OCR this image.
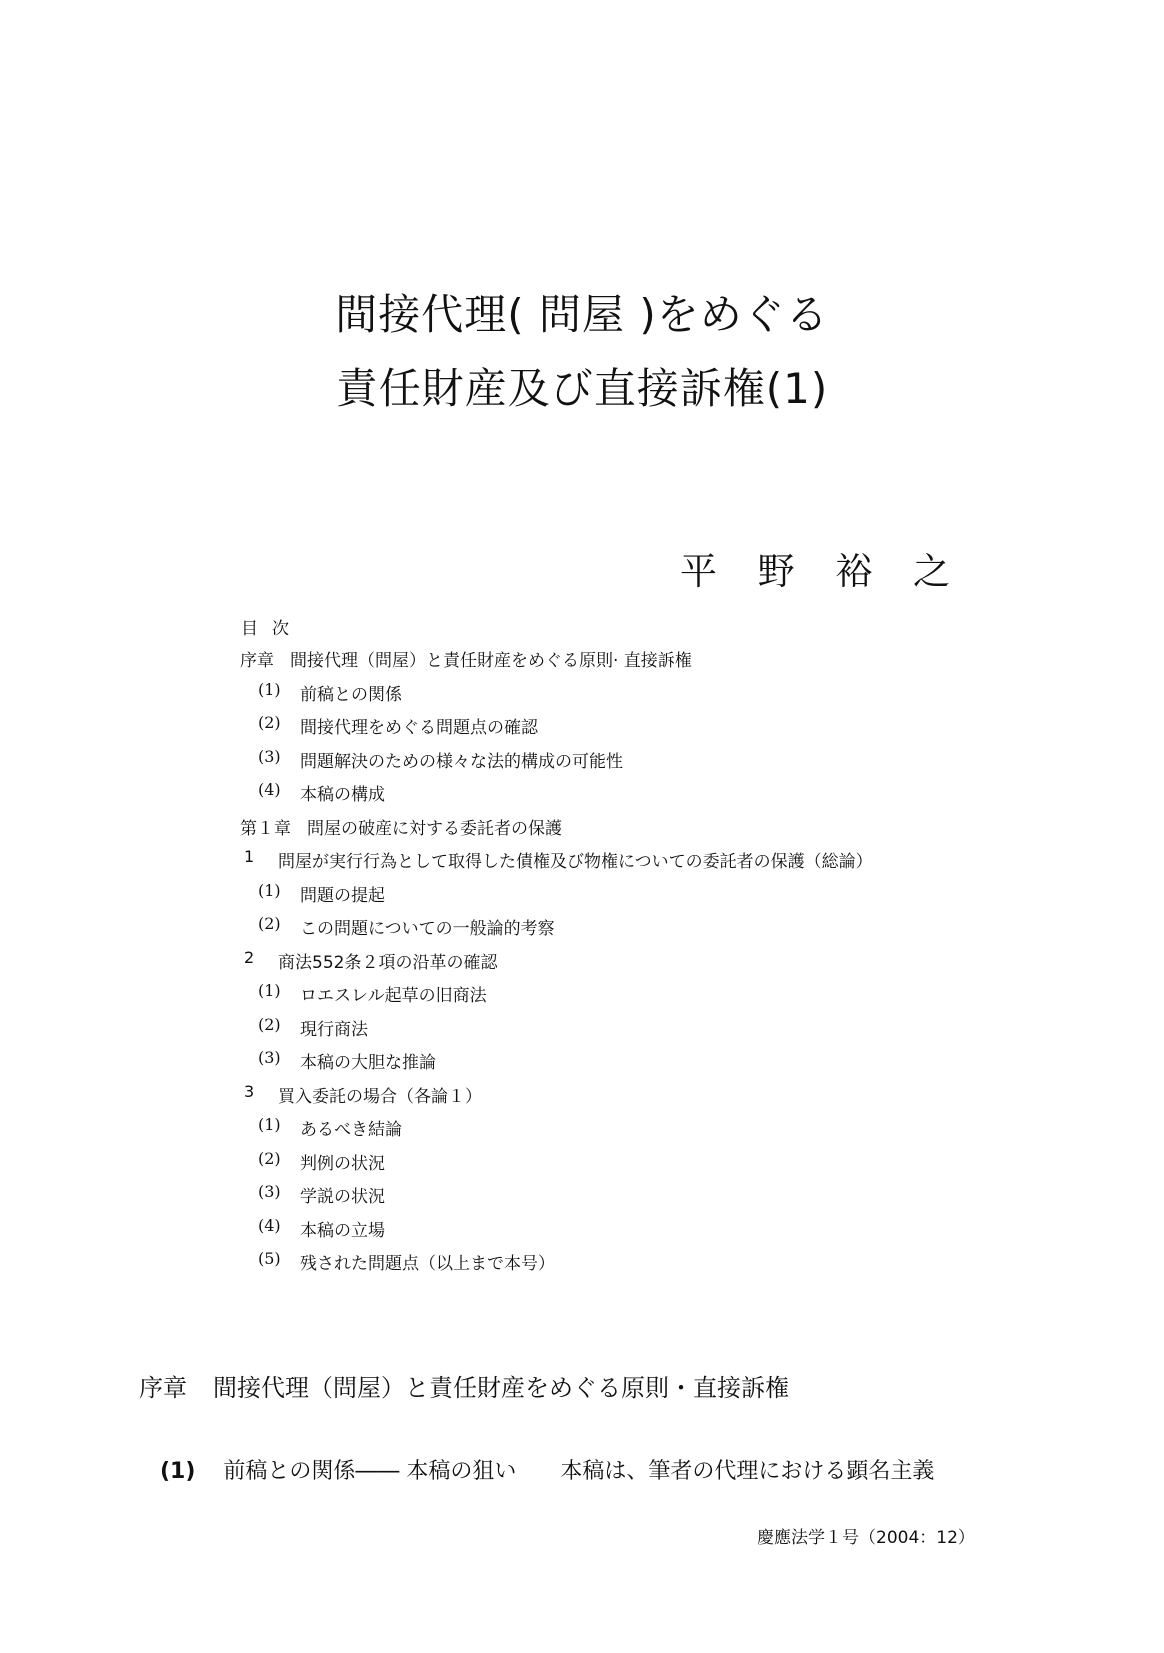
間接代理( 問屋 )をめぐる
責任財産及び直接訴権(1)
平 野 裕 之
目次
序章 間接代理（問屋）と責任財産をめぐる原則· 直接訴権
(1)	前稿との関係
(2)	間接代理をめぐる問題点の確認
(3)	問題解決のための様々な法的構成の可能性
(4)	本稿の構成
第１章 問屋の破産に対する委託者の保護
1	問屋が実行行為として取得した債権及び物権についての委託者の保護（総論）
(1)	問題の提起
(2)	この問題についての一般論的考察
2	商法552条２項の沿革の確認
(1)	ロエスレル起草の旧商法
(2)	現行商法
(3)	本稿の大胆な推論
3	買入委託の場合（各論１）
(1)	あるべき結論
(2)	判例の状況
(3)	学説の状況
(4)	本稿の立場
(5)	残された問題点（以上まで本号）
序章 間接代理（問屋）と責任財産をめぐる原則・直接訴権
(1) 前稿との関係―― 本稿の狙い 本稿は、筆者の代理における顕名主義
慶應法学１号（2004：12）
